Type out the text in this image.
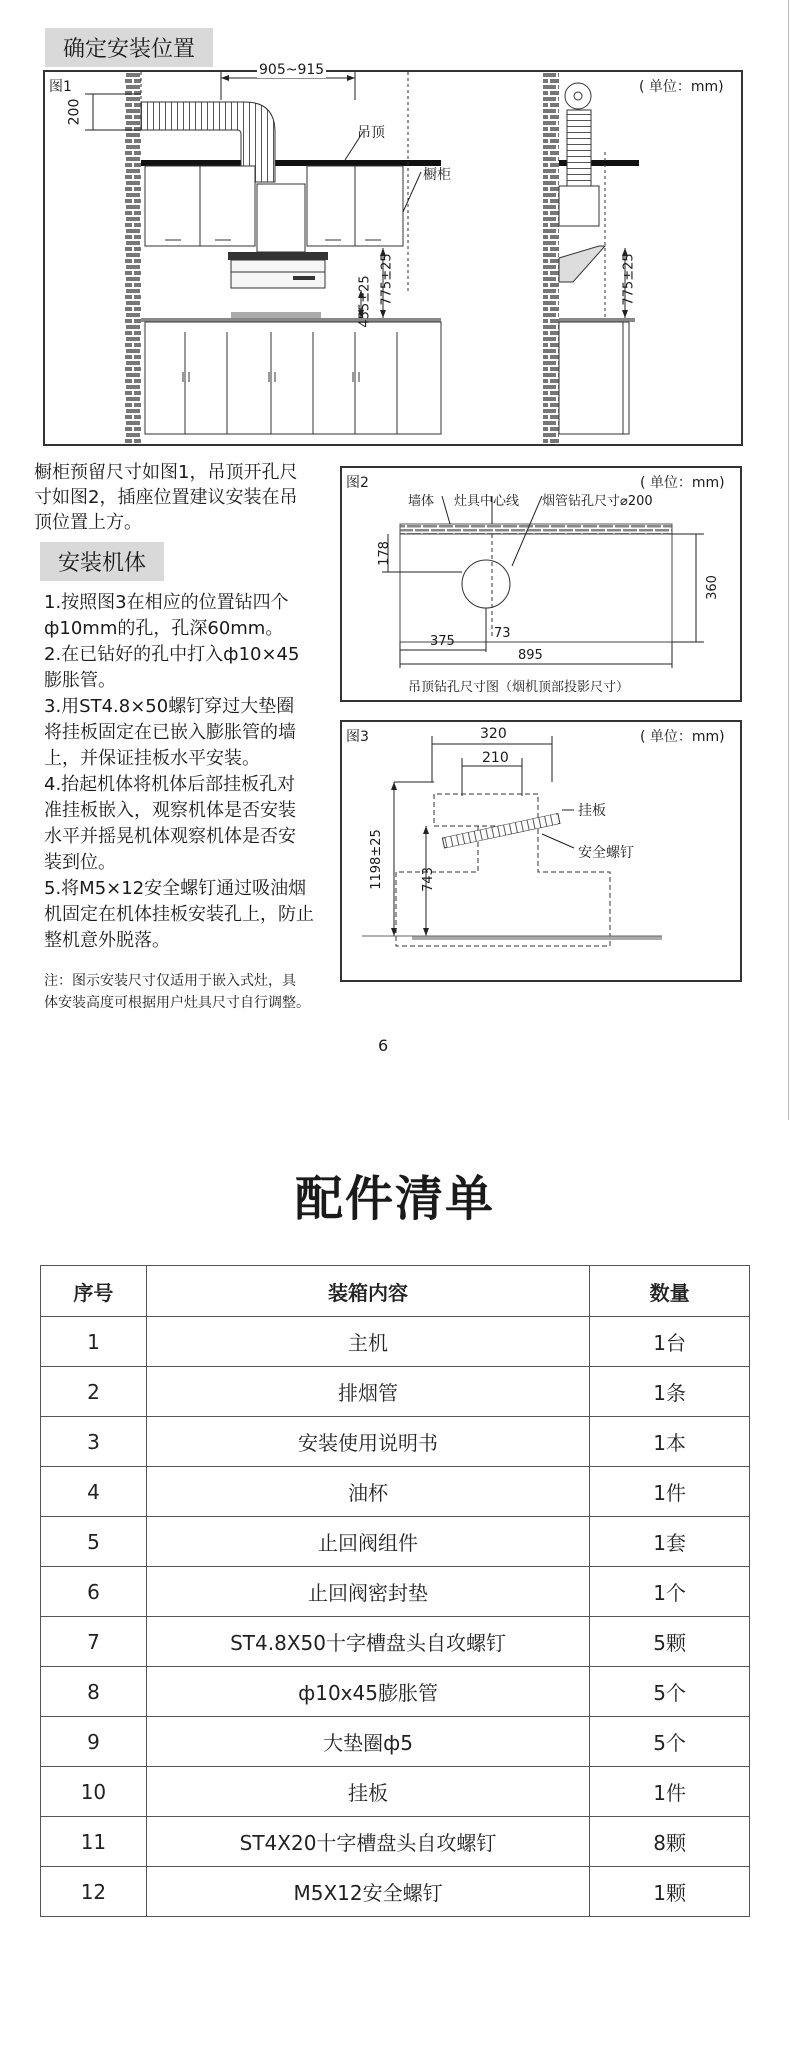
确定安装位置
图1	( 单位：mm)
905~915
200
吊顶
橱柜
455±25 775±25	775±25

橱柜预留尺寸如图1，吊顶开孔尺

寸如图2，插座位置建议安装在吊

顶位置上方。

安装机体

1.按照图3在相应的位置钻四个

ф10mm的孔，孔深60mm。

2.在已钻好的孔中打入ф10×45

膨胀管。

3.用ST4.8×50螺钉穿过大垫圈

将挂板固定在已嵌入膨胀管的墙

上，并保证挂板水平安装。

4.抬起机体将机体后部挂板孔对

准挂板嵌入，观察机体是否安装

水平并摇晃机体观察机体是否安

装到位。

5.将M5×12安全螺钉通过吸油烟

机固定在机体挂板安装孔上，防止

整机意外脱落。

注：图示安装尺寸仅适用于嵌入式灶，具

体安装高度可根据用户灶具尺寸自行调整。

图2	( 单位：mm)
墙体 灶具中心线 烟管钻孔尺寸⌀200
178
360
73
375
895
吊顶钻孔尺寸图（烟机顶部投影尺寸）
图3	( 单位：mm)
320
210
挂板
安全螺钉
1198±25	743
6
配件清单
序号	装箱内容	数量
1	主机	1台
2	排烟管	1条
3	安装使用说明书	1本
4	油杯	1件
5	止回阀组件	1套
6	止回阀密封垫	1个
7	ST4.8X50十字槽盘头自攻螺钉	5颗
8	ф10x45膨胀管	5个
9	大垫圈ф5	5个
10	挂板	1件
11	ST4X20十字槽盘头自攻螺钉	8颗
12	M5X12安全螺钉	1颗
